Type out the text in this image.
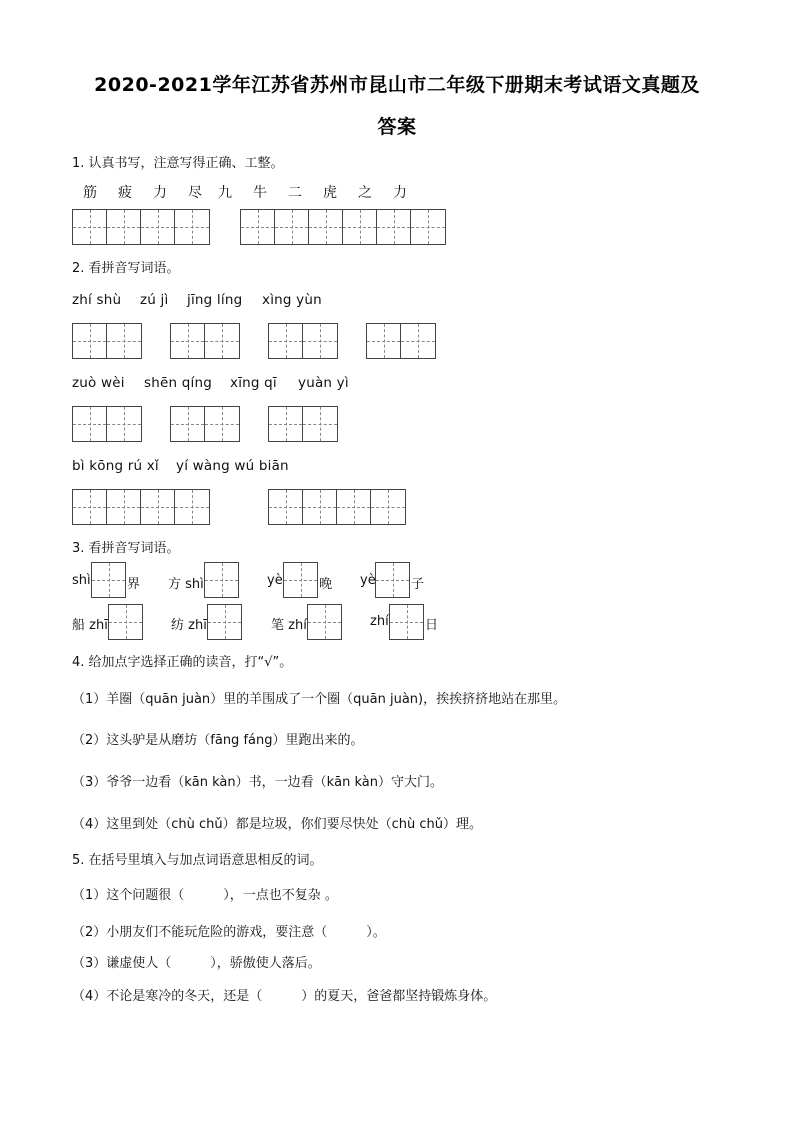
2020-2021学年江苏省苏州市昆山市二年级下册期末考试语文真题及
答案
1. 认真书写，注意写得正确、工整。
筋	疲	力	尽	九	牛	二	虎	之	力
2. 看拼音写词语。
zhí shù zú jì jīng líng xìng yùn
zuò wèi shēn qíng xīng qī yuàn yì
bì kōng rú xǐ yí wàng wú biān
3. 看拼音写词语。
shì	界 方 shì	yè	晚 yè	子
船 zhī	纺 zhī	笔 zhí	zhí	日
4. 给加点字选择正确的读音，打“√”。
（1）羊圈（quān juàn）里的羊围成了一个圈（quān juàn)，挨挨挤挤地站在那里。
（2）这头驴是从磨坊（fāng fáng）里跑出来的。
（3）爷爷一边看（kān kàn）书，一边看（kān kàn）守大门。
（4）这里到处（chù chǔ）都是垃圾，你们要尽快处（chù chǔ）理。
5. 在括号里填入与加点词语意思相反的词。
（1）这个问题很（　　　），一点也不复杂 。
（2）小朋友们不能玩危险的游戏，要注意（　　　）。
（3）谦虚使人（　　　），骄傲使人落后。
（4）不论是寒冷的冬天，还是（　　　）的夏天，爸爸都坚持锻炼身体。
